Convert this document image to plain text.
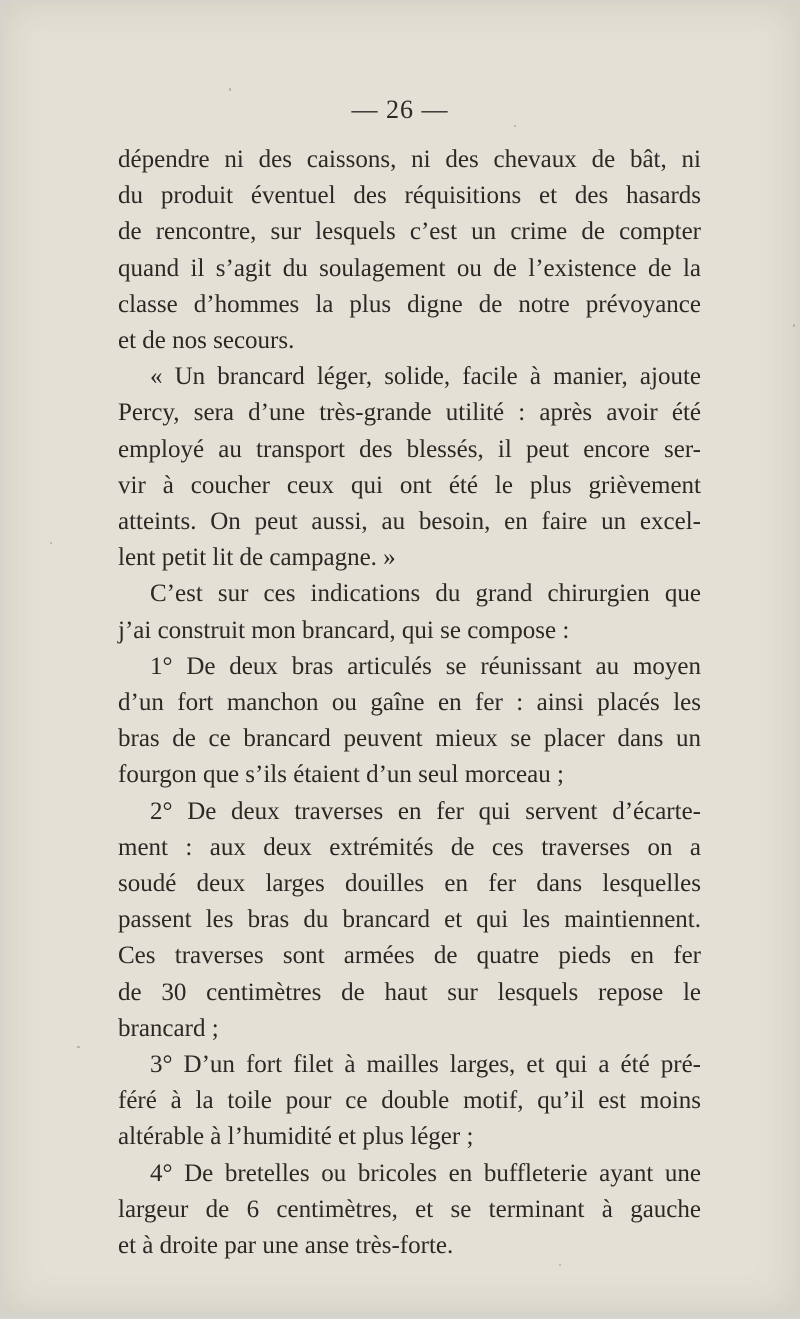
— 26 —

dépendre ni des caissons, ni des chevaux de bât, ni
du produit éventuel des réquisitions et des hasards
de rencontre, sur lesquels c’est un crime de compter
quand il s’agit du soulagement ou de l’existence de la
classe d’hommes la plus digne de notre prévoyance
et de nos secours.

« Un brancard léger, solide, facile à manier, ajoute
Percy, sera d’une très-grande utilité : après avoir été
employé au transport des blessés, il peut encore ser-
vir à coucher ceux qui ont été le plus grièvement
atteints. On peut aussi, au besoin, en faire un excel-
lent petit lit de campagne. »

C’est sur ces indications du grand chirurgien que
j’ai construit mon brancard, qui se compose :

1° De deux bras articulés se réunissant au moyen
d’un fort manchon ou gaîne en fer : ainsi placés les
bras de ce brancard peuvent mieux se placer dans un
fourgon que s’ils étaient d’un seul morceau ;

2° De deux traverses en fer qui servent d’écarte-
ment : aux deux extrémités de ces traverses on a
soudé deux larges douilles en fer dans lesquelles
passent les bras du brancard et qui les maintiennent.
Ces traverses sont armées de quatre pieds en fer
de 30 centimètres de haut sur lesquels repose le
brancard ;

3° D’un fort filet à mailles larges, et qui a été pré-
féré à la toile pour ce double motif, qu’il est moins
altérable à l’humidité et plus léger ;

4° De bretelles ou bricoles en buffleterie ayant une
largeur de 6 centimètres, et se terminant à gauche
et à droite par une anse très-forte.
